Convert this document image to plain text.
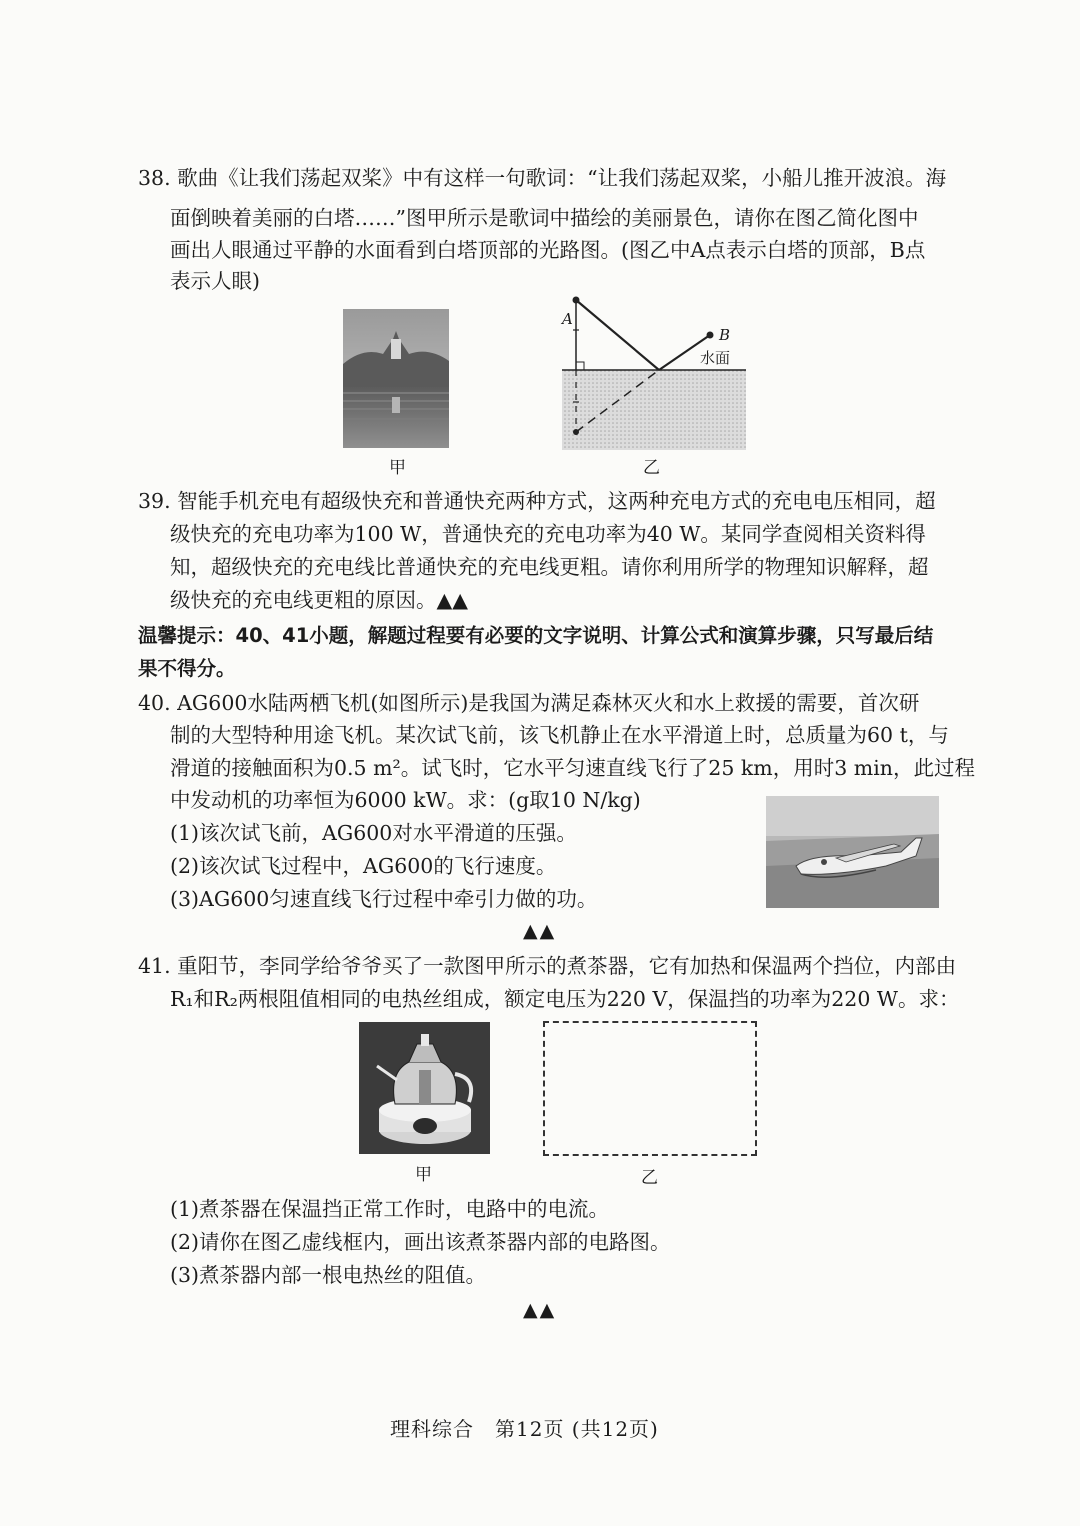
38. 歌曲《让我们荡起双桨》中有这样一句歌词：“让我们荡起双桨，小船儿推开波浪。海

面倒映着美丽的白塔……”图甲所示是歌词中描绘的美丽景色，请你在图乙简化图中

画出人眼通过平静的水面看到白塔顶部的光路图。(图乙中A点表示白塔的顶部，B点

表示人眼)

甲
A
B
水面
乙

39. 智能手机充电有超级快充和普通快充两种方式，这两种充电方式的充电电压相同，超

级快充的充电功率为100 W，普通快充的充电功率为40 W。某同学查阅相关资料得

知，超级快充的充电线比普通快充的充电线更粗。请你利用所学的物理知识解释，超

级快充的充电线更粗的原因。▲▲

温馨提示：40、41小题，解题过程要有必要的文字说明、计算公式和演算步骤，只写最后结

果不得分。

40. AG600水陆两栖飞机(如图所示)是我国为满足森林灭火和水上救援的需要，首次研

制的大型特种用途飞机。某次试飞前，该飞机静止在水平滑道上时，总质量为60 t，与

滑道的接触面积为0.5 m²。试飞时，它水平匀速直线飞行了25 km，用时3 min，此过程

中发动机的功率恒为6000 kW。求：(g取10 N/kg)

(1)该次试飞前，AG600对水平滑道的压强。

(2)该次试飞过程中，AG600的飞行速度。

(3)AG600匀速直线飞行过程中牵引力做的功。

▲▲

41. 重阳节，李同学给爷爷买了一款图甲所示的煮茶器，它有加热和保温两个挡位，内部由

R₁和R₂两根阻值相同的电热丝组成，额定电压为220 V，保温挡的功率为220 W。求：

甲	乙

(1)煮茶器在保温挡正常工作时，电路中的电流。

(2)请你在图乙虚线框内，画出该煮茶器内部的电路图。

(3)煮茶器内部一根电热丝的阻值。

▲▲
理科综合　第12页 (共12页)
